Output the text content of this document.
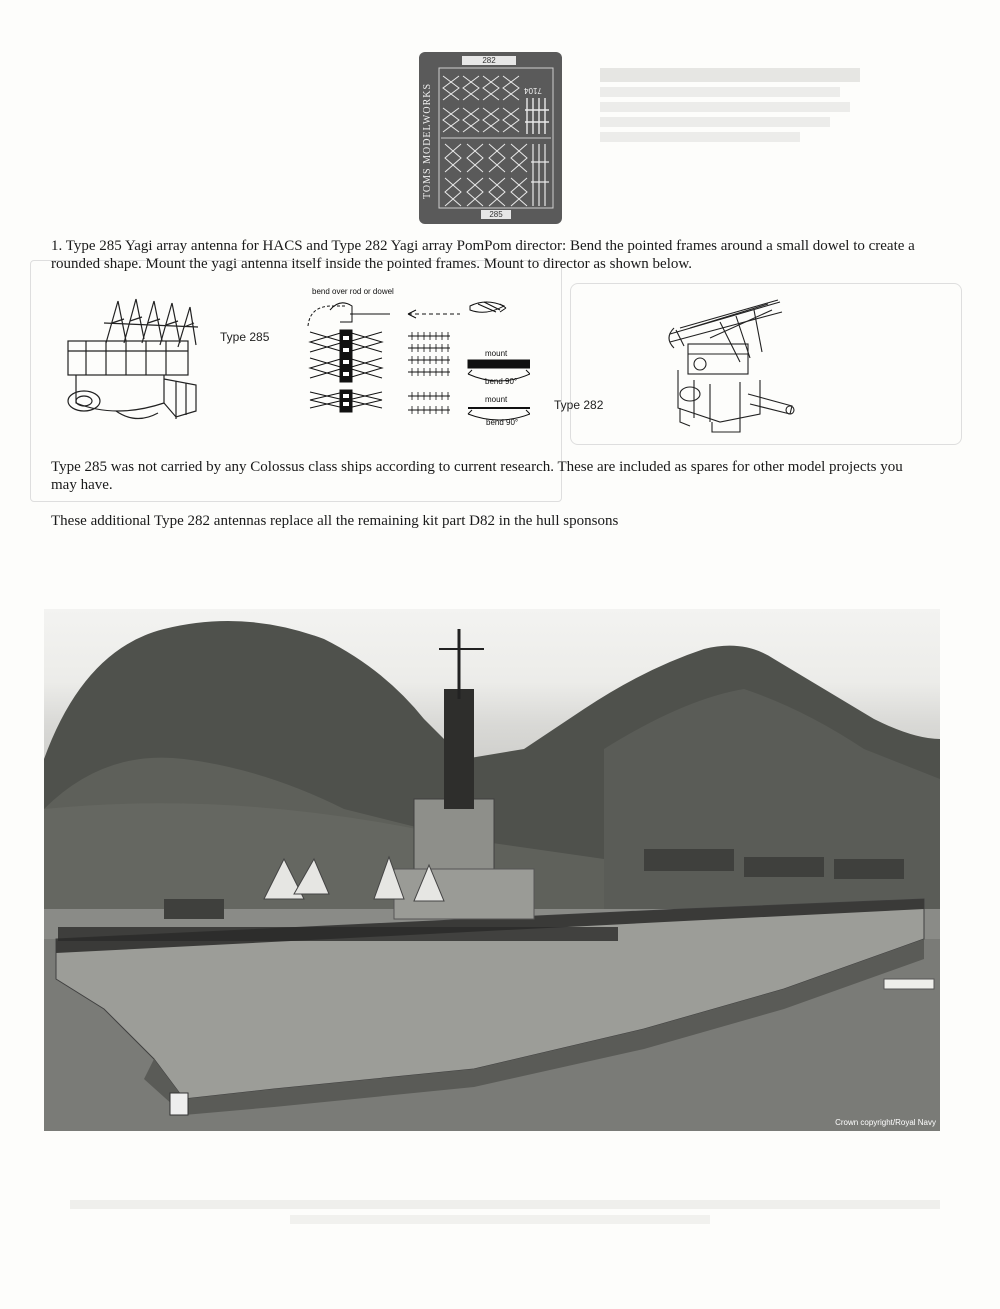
282
TOMS MODELWORKS	7104
285
1. Type 285 Yagi array antenna for HACS and Type 282 Yagi array PomPom director: Bend the pointed frames around a small dowel to create a rounded shape. Mount the yagi antenna itself inside the pointed frames. Mount to director as shown below.
Type 285
bend over rod or dowel
mount
bend 90°
mount
bend 90°
Type 282
Type 285 was not carried by any Colossus class ships according to current research. These are included as spares for other model projects you may have.
These additional Type 282 antennas replace all the remaining kit part D82 in the hull sponsons
Crown copyright/Royal Navy
